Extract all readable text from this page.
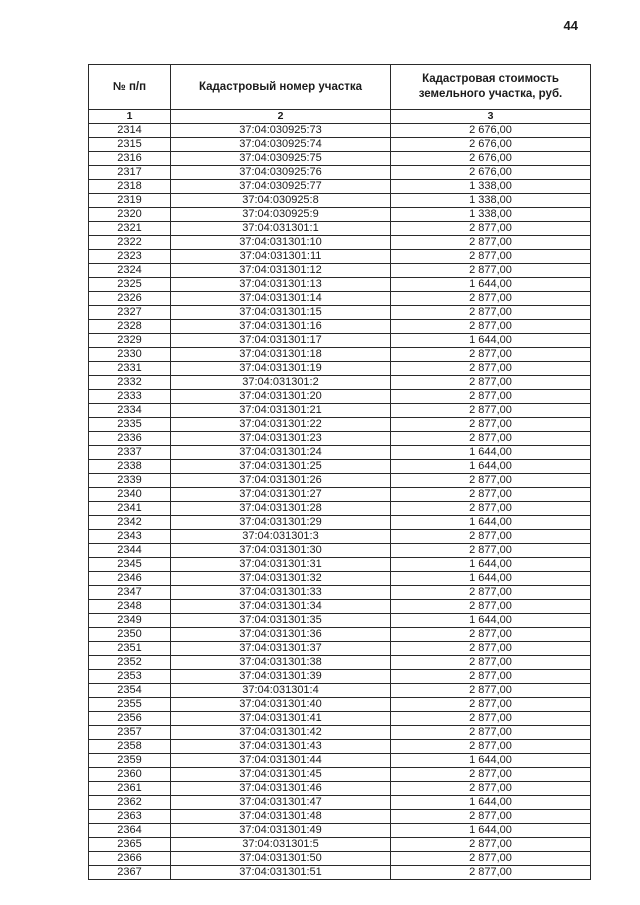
44
№ п/п	Кадастровый номер участка	Кадастровая стоимость земельного участка, руб.
1	2	3
2314	37:04:030925:73	2 676,00
2315	37:04:030925:74	2 676,00
2316	37:04:030925:75	2 676,00
2317	37:04:030925:76	2 676,00
2318	37:04:030925:77	1 338,00
2319	37:04:030925:8	1 338,00
2320	37:04:030925:9	1 338,00
2321	37:04:031301:1	2 877,00
2322	37:04:031301:10	2 877,00
2323	37:04:031301:11	2 877,00
2324	37:04:031301:12	2 877,00
2325	37:04:031301:13	1 644,00
2326	37:04:031301:14	2 877,00
2327	37:04:031301:15	2 877,00
2328	37:04:031301:16	2 877,00
2329	37:04:031301:17	1 644,00
2330	37:04:031301:18	2 877,00
2331	37:04:031301:19	2 877,00
2332	37:04:031301:2	2 877,00
2333	37:04:031301:20	2 877,00
2334	37:04:031301:21	2 877,00
2335	37:04:031301:22	2 877,00
2336	37:04:031301:23	2 877,00
2337	37:04:031301:24	1 644,00
2338	37:04:031301:25	1 644,00
2339	37:04:031301:26	2 877,00
2340	37:04:031301:27	2 877,00
2341	37:04:031301:28	2 877,00
2342	37:04:031301:29	1 644,00
2343	37:04:031301:3	2 877,00
2344	37:04:031301:30	2 877,00
2345	37:04:031301:31	1 644,00
2346	37:04:031301:32	1 644,00
2347	37:04:031301:33	2 877,00
2348	37:04:031301:34	2 877,00
2349	37:04:031301:35	1 644,00
2350	37:04:031301:36	2 877,00
2351	37:04:031301:37	2 877,00
2352	37:04:031301:38	2 877,00
2353	37:04:031301:39	2 877,00
2354	37:04:031301:4	2 877,00
2355	37:04:031301:40	2 877,00
2356	37:04:031301:41	2 877,00
2357	37:04:031301:42	2 877,00
2358	37:04:031301:43	2 877,00
2359	37:04:031301:44	1 644,00
2360	37:04:031301:45	2 877,00
2361	37:04:031301:46	2 877,00
2362	37:04:031301:47	1 644,00
2363	37:04:031301:48	2 877,00
2364	37:04:031301:49	1 644,00
2365	37:04:031301:5	2 877,00
2366	37:04:031301:50	2 877,00
2367	37:04:031301:51	2 877,00
